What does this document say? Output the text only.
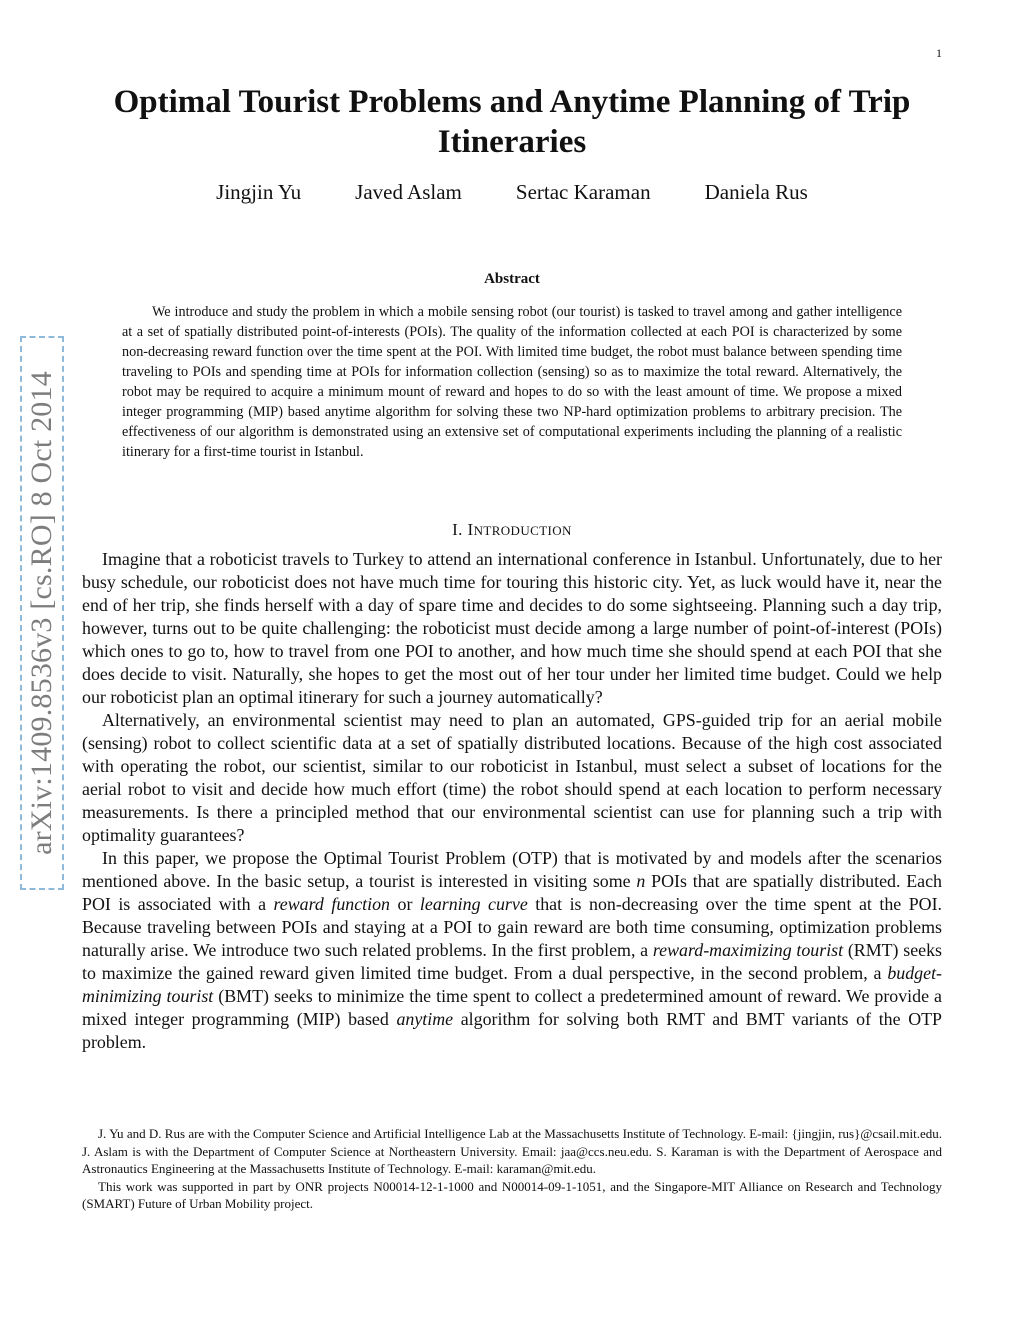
1
arXiv:1409.8536v3 [cs.RO] 8 Oct 2014
Optimal Tourist Problems and Anytime Planning of Trip Itineraries
Jingjin Yu	Javed Aslam	Sertac Karaman	Daniela Rus
Abstract

We introduce and study the problem in which a mobile sensing robot (our tourist) is tasked to travel among and gather intelligence at a set of spatially distributed point-of-interests (POIs). The quality of the information collected at each POI is characterized by some non-decreasing reward function over the time spent at the POI. With limited time budget, the robot must balance between spending time traveling to POIs and spending time at POIs for information collection (sensing) so as to maximize the total reward. Alternatively, the robot may be required to acquire a minimum mount of reward and hopes to do so with the least amount of time. We propose a mixed integer programming (MIP) based anytime algorithm for solving these two NP-hard optimization problems to arbitrary precision. The effectiveness of our algorithm is demonstrated using an extensive set of computational experiments including the planning of a realistic itinerary for a first-time tourist in Istanbul.

I. INTRODUCTION

Imagine that a roboticist travels to Turkey to attend an international conference in Istanbul. Unfortunately, due to her busy schedule, our roboticist does not have much time for touring this historic city. Yet, as luck would have it, near the end of her trip, she finds herself with a day of spare time and decides to do some sightseeing. Planning such a day trip, however, turns out to be quite challenging: the roboticist must decide among a large number of point-of-interest (POIs) which ones to go to, how to travel from one POI to another, and how much time she should spend at each POI that she does decide to visit. Naturally, she hopes to get the most out of her tour under her limited time budget. Could we help our roboticist plan an optimal itinerary for such a journey automatically?

Alternatively, an environmental scientist may need to plan an automated, GPS-guided trip for an aerial mobile (sensing) robot to collect scientific data at a set of spatially distributed locations. Because of the high cost associated with operating the robot, our scientist, similar to our roboticist in Istanbul, must select a subset of locations for the aerial robot to visit and decide how much effort (time) the robot should spend at each location to perform necessary measurements. Is there a principled method that our environmental scientist can use for planning such a trip with optimality guarantees?

In this paper, we propose the Optimal Tourist Problem (OTP) that is motivated by and models after the scenarios mentioned above. In the basic setup, a tourist is interested in visiting some n POIs that are spatially distributed. Each POI is associated with a reward function or learning curve that is non-decreasing over the time spent at the POI. Because traveling between POIs and staying at a POI to gain reward are both time consuming, optimization problems naturally arise. We introduce two such related problems. In the first problem, a reward-maximizing tourist (RMT) seeks to maximize the gained reward given limited time budget. From a dual perspective, in the second problem, a budget-minimizing tourist (BMT) seeks to minimize the time spent to collect a predetermined amount of reward. We provide a mixed integer programming (MIP) based anytime algorithm for solving both RMT and BMT variants of the OTP problem.

J. Yu and D. Rus are with the Computer Science and Artificial Intelligence Lab at the Massachusetts Institute of Technology. E-mail: {jingjin, rus}@csail.mit.edu. J. Aslam is with the Department of Computer Science at Northeastern University. Email: jaa@ccs.neu.edu. S. Karaman is with the Department of Aerospace and Astronautics Engineering at the Massachusetts Institute of Technology. E-mail: karaman@mit.edu.

This work was supported in part by ONR projects N00014-12-1-1000 and N00014-09-1-1051, and the Singapore-MIT Alliance on Research and Technology (SMART) Future of Urban Mobility project.
